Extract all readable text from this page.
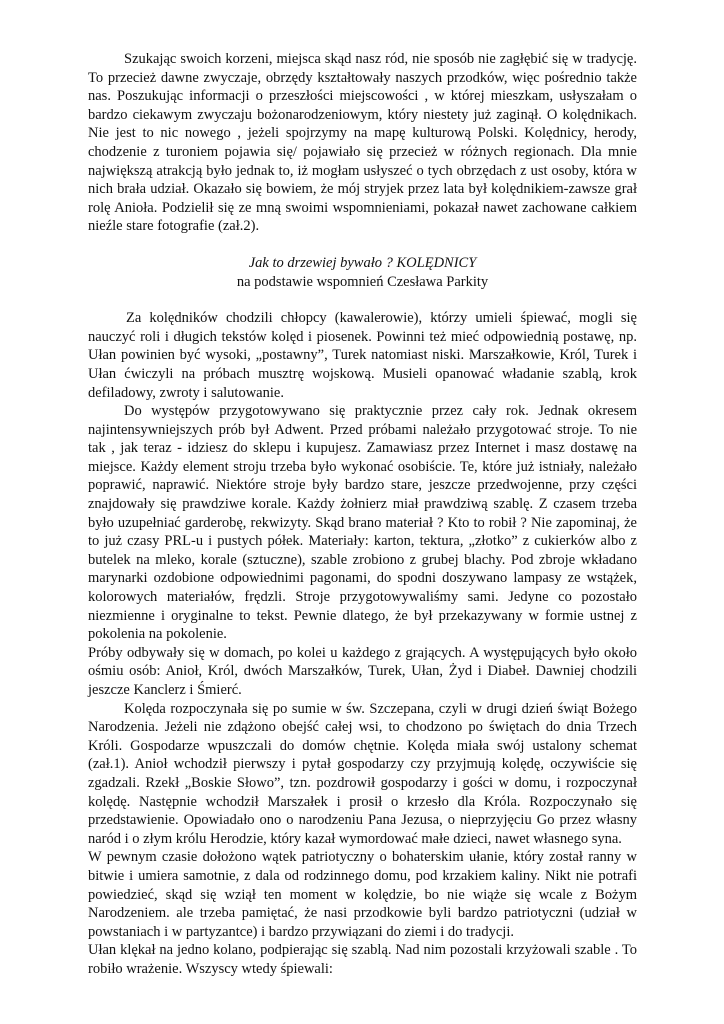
Szukając swoich korzeni, miejsca skąd nasz ród, nie sposób nie zagłębić się w tradycję. To przecież dawne zwyczaje, obrzędy kształtowały naszych przodków, więc pośrednio także nas. Poszukując informacji o przeszłości miejscowości , w której mieszkam, usłyszałam o bardzo ciekawym zwyczaju bożonarodzeniowym, który niestety już zaginął. O kolędnikach. Nie jest to nic nowego , jeżeli spojrzymy na mapę kulturową Polski. Kolędnicy, herody, chodzenie z turoniem pojawia się/ pojawiało się przecież w różnych regionach. Dla mnie największą atrakcją było jednak to, iż mogłam usłyszeć o tych obrzędach z ust osoby, która w nich brała udział. Okazało się bowiem, że mój stryjek przez lata był kolędnikiem-zawsze grał rolę Anioła. Podzielił się ze mną swoimi wspomnieniami, pokazał nawet zachowane całkiem nieźle stare fotografie (zał.2).

Jak to drzewiej bywało ? KOLĘDNICY
na podstawie wspomnień Czesława Parkity

Za kolędników chodzili chłopcy (kawalerowie), którzy umieli śpiewać, mogli się nauczyć roli i długich tekstów kolęd i piosenek. Powinni też mieć odpowiednią postawę, np. Ułan powinien być wysoki, „postawny”, Turek natomiast niski. Marszałkowie, Król, Turek i Ułan ćwiczyli na próbach musztrę wojskową. Musieli opanować władanie szablą, krok defiladowy, zwroty i salutowanie.

Do występów przygotowywano się praktycznie przez cały rok. Jednak okresem najintensywniejszych prób był Adwent. Przed próbami należało przygotować stroje. To nie tak , jak teraz - idziesz do sklepu i kupujesz. Zamawiasz przez Internet i masz dostawę na miejsce. Każdy element stroju trzeba było wykonać osobiście. Te, które już istniały, należało poprawić, naprawić. Niektóre stroje były bardzo stare, jeszcze przedwojenne, przy części znajdowały się prawdziwe korale. Każdy żołnierz miał prawdziwą szablę. Z czasem trzeba było uzupełniać garderobę, rekwizyty. Skąd brano materiał ? Kto to robił ? Nie zapominaj, że to już czasy PRL-u i pustych półek. Materiały: karton, tektura, „złotko” z cukierków albo z butelek na mleko, korale (sztuczne), szable zrobiono z grubej blachy. Pod zbroje wkładano marynarki ozdobione odpowiednimi pagonami, do spodni doszywano lampasy ze wstążek, kolorowych materiałów, frędzli. Stroje przygotowywaliśmy sami. Jedyne co pozostało niezmienne i oryginalne to tekst. Pewnie dlatego, że był przekazywany w formie ustnej z pokolenia na pokolenie.

Próby odbywały się w domach, po kolei u każdego z grających. A występujących było około ośmiu osób: Anioł, Król, dwóch Marszałków, Turek, Ułan, Żyd i Diabeł. Dawniej chodzili jeszcze Kanclerz i Śmierć.

Kolęda rozpoczynała się po sumie w św. Szczepana, czyli w drugi dzień świąt Bożego Narodzenia. Jeżeli nie zdążono obejść całej wsi, to chodzono po świętach do dnia Trzech Króli. Gospodarze wpuszczali do domów chętnie. Kolęda miała swój ustalony schemat (zał.1). Anioł wchodził pierwszy i pytał gospodarzy czy przyjmują kolędę, oczywiście się zgadzali. Rzekł „Boskie Słowo”, tzn. pozdrowił gospodarzy i gości w domu, i rozpoczynał kolędę. Następnie wchodził Marszałek i prosił o krzesło dla Króla. Rozpoczynało się przedstawienie. Opowiadało ono o narodzeniu Pana Jezusa, o nieprzyjęciu Go przez własny naród i o złym królu Herodzie, który kazał wymordować małe dzieci, nawet własnego syna.

W pewnym czasie dołożono wątek patriotyczny o bohaterskim ułanie, który został ranny w bitwie i umiera samotnie, z dala od rodzinnego domu, pod krzakiem kaliny. Nikt nie potrafi powiedzieć, skąd się wziął ten moment w kolędzie, bo nie wiąże się wcale z Bożym Narodzeniem. ale trzeba pamiętać, że nasi przodkowie byli bardzo patriotyczni (udział w powstaniach i w partyzantce) i bardzo przywiązani do ziemi i do tradycji.

Ułan klękał na jedno kolano, podpierając się szablą. Nad nim pozostali krzyżowali szable . To robiło wrażenie. Wszyscy wtedy śpiewali:
